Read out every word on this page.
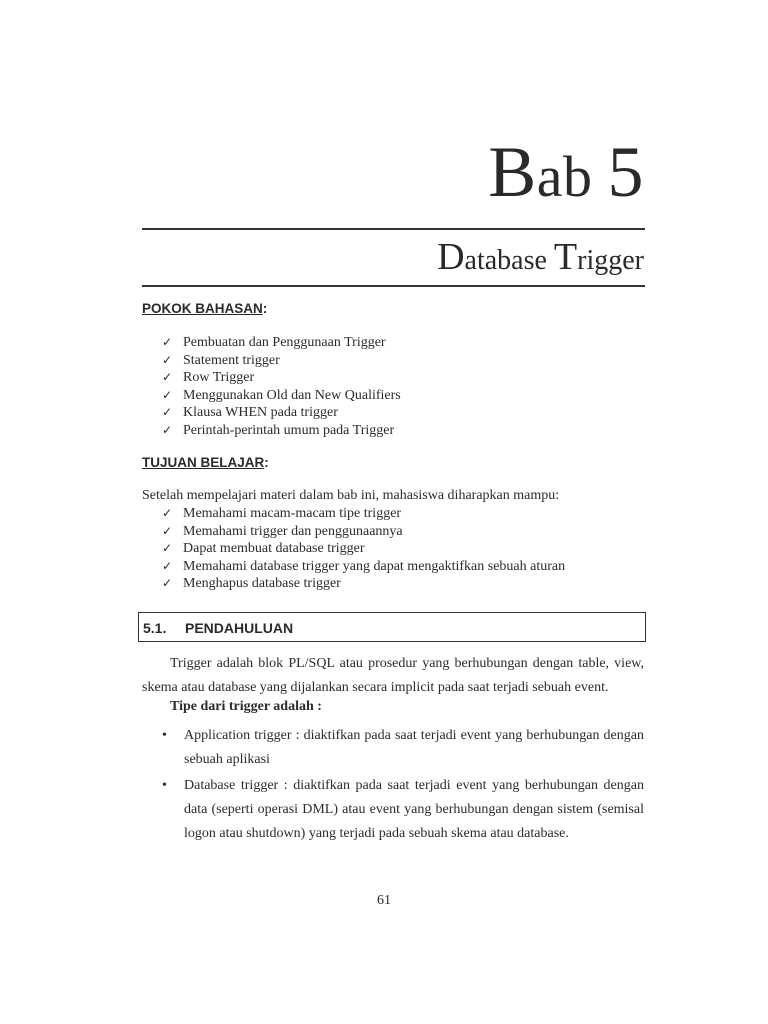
Bab 5
Database Trigger
POKOK BAHASAN:
✓ Pembuatan dan Penggunaan Trigger
✓ Statement trigger
✓ Row Trigger
✓ Menggunakan Old dan New Qualifiers
✓ Klausa WHEN pada trigger
✓ Perintah-perintah umum pada Trigger
TUJUAN BELAJAR:
Setelah mempelajari materi dalam bab ini, mahasiswa diharapkan mampu:
✓ Memahami macam-macam tipe trigger
✓ Memahami trigger dan penggunaannya
✓ Dapat membuat database trigger
✓ Memahami database trigger yang dapat mengaktifkan sebuah aturan
✓ Menghapus database trigger
5.1. PENDAHULUAN

Trigger adalah blok PL/SQL atau prosedur yang berhubungan dengan table, view, skema atau database yang dijalankan secara implicit pada saat terjadi sebuah event.

Tipe dari trigger adalah :
• Application trigger : diaktifkan pada saat terjadi event yang berhubungan dengan sebuah aplikasi
• Database trigger : diaktifkan pada saat terjadi event yang berhubungan dengan data (seperti operasi DML) atau event yang berhubungan dengan sistem (semisal logon atau shutdown) yang terjadi pada sebuah skema atau database.
61
